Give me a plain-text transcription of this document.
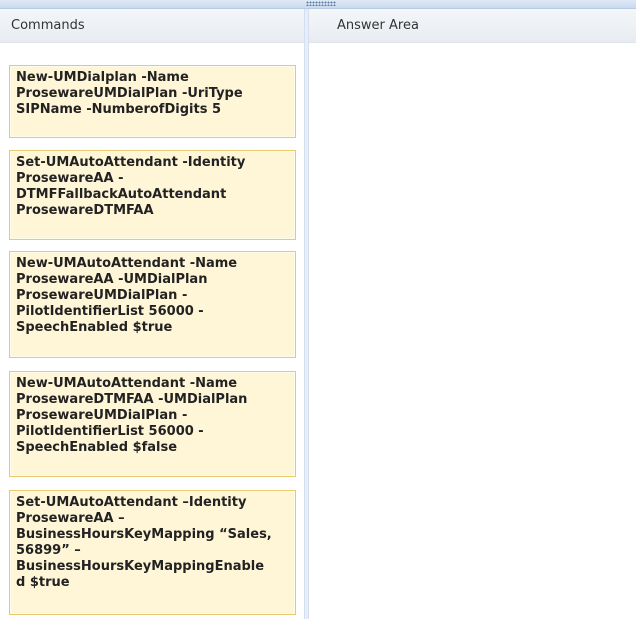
Commands
New-UMDialplan -Name
ProsewareUMDialPlan -UriType
SIPName -NumberofDigits 5
Set-UMAutoAttendant -Identity
ProsewareAA -
DTMFFallbackAutoAttendant
ProsewareDTMFAA
New-UMAutoAttendant -Name
ProsewareAA -UMDialPlan
ProsewareUMDialPlan -
PilotIdentifierList 56000 -
SpeechEnabled $true
New-UMAutoAttendant -Name
ProsewareDTMFAA -UMDialPlan
ProsewareUMDialPlan -
PilotIdentifierList 56000 -
SpeechEnabled $false
Set-UMAutoAttendant –Identity
ProsewareAA –
BusinessHoursKeyMapping “Sales,
56899” –
BusinessHoursKeyMappingEnable
d $true
Answer Area
